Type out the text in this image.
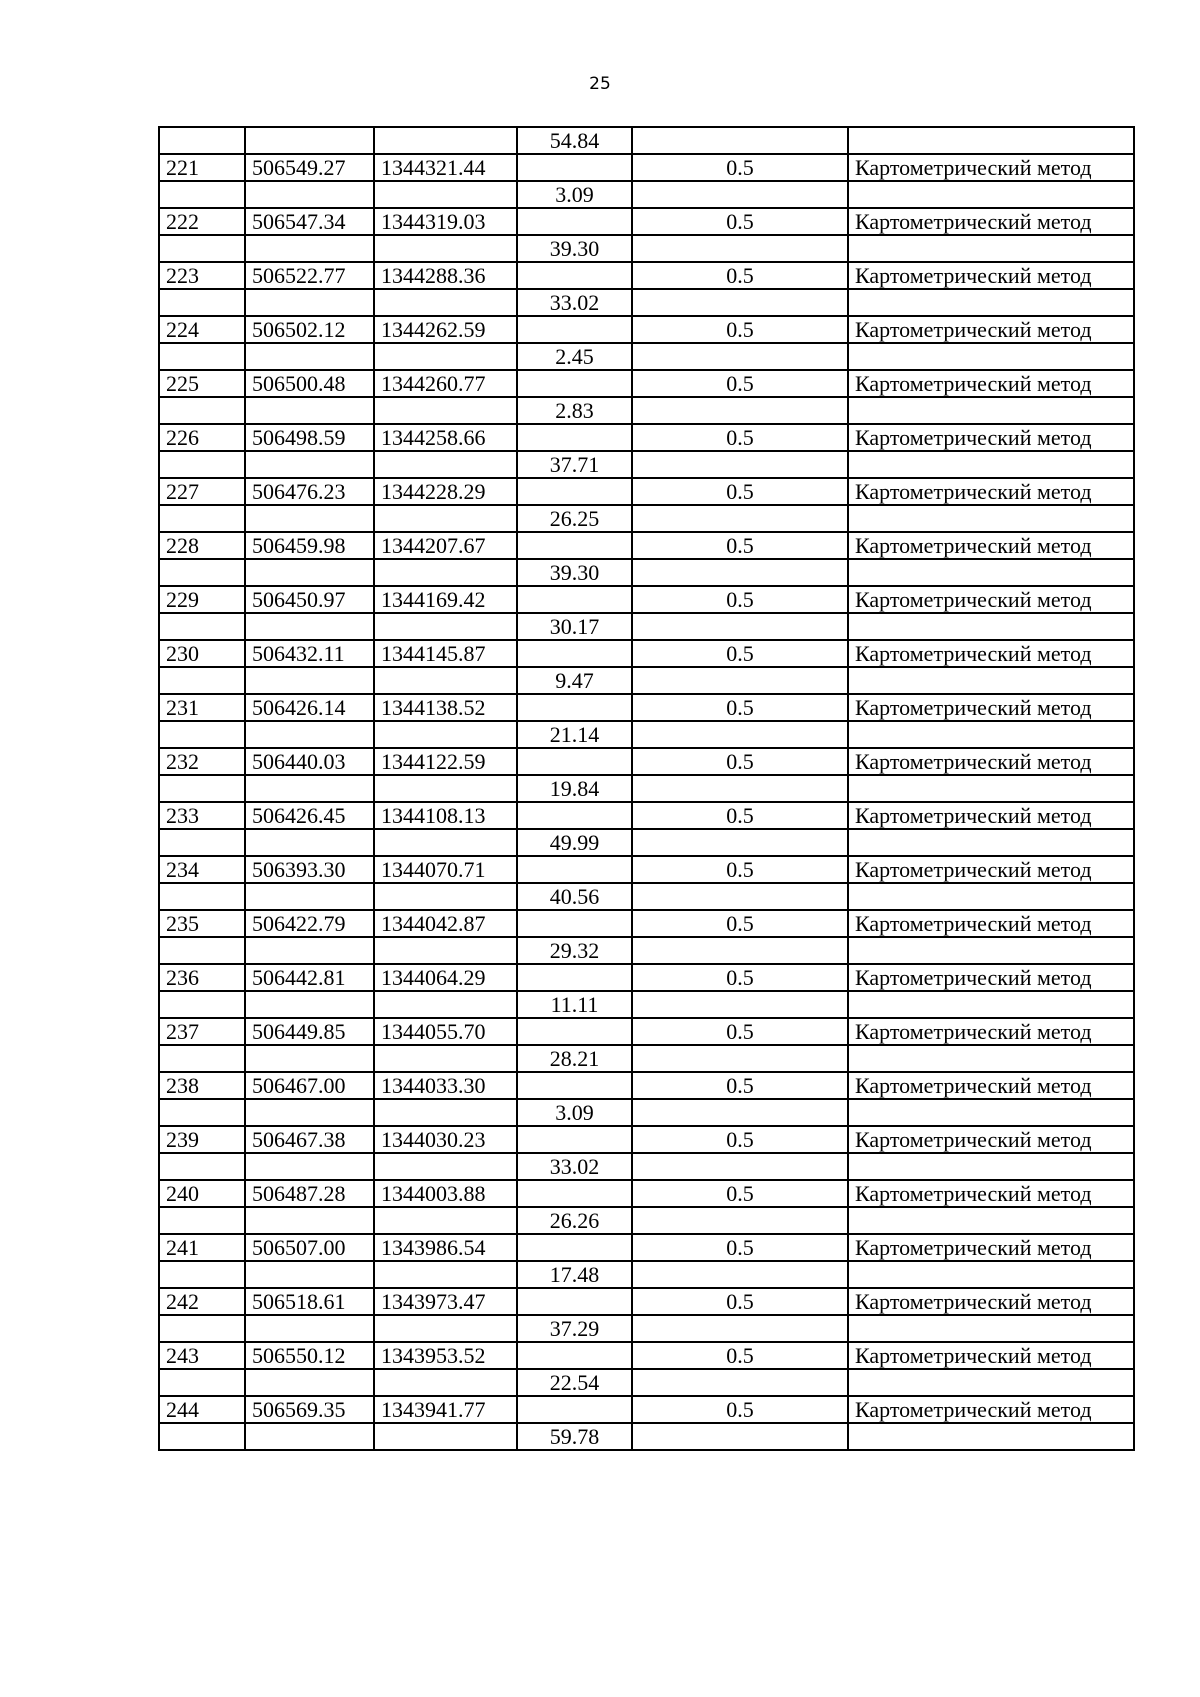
25
			54.84		
221	506549.27	1344321.44		0.5	Картометрический метод
			3.09		
222	506547.34	1344319.03		0.5	Картометрический метод
			39.30		
223	506522.77	1344288.36		0.5	Картометрический метод
			33.02		
224	506502.12	1344262.59		0.5	Картометрический метод
			2.45		
225	506500.48	1344260.77		0.5	Картометрический метод
			2.83		
226	506498.59	1344258.66		0.5	Картометрический метод
			37.71		
227	506476.23	1344228.29		0.5	Картометрический метод
			26.25		
228	506459.98	1344207.67		0.5	Картометрический метод
			39.30		
229	506450.97	1344169.42		0.5	Картометрический метод
			30.17		
230	506432.11	1344145.87		0.5	Картометрический метод
			9.47		
231	506426.14	1344138.52		0.5	Картометрический метод
			21.14		
232	506440.03	1344122.59		0.5	Картометрический метод
			19.84		
233	506426.45	1344108.13		0.5	Картометрический метод
			49.99		
234	506393.30	1344070.71		0.5	Картометрический метод
			40.56		
235	506422.79	1344042.87		0.5	Картометрический метод
			29.32		
236	506442.81	1344064.29		0.5	Картометрический метод
			11.11		
237	506449.85	1344055.70		0.5	Картометрический метод
			28.21		
238	506467.00	1344033.30		0.5	Картометрический метод
			3.09		
239	506467.38	1344030.23		0.5	Картометрический метод
			33.02		
240	506487.28	1344003.88		0.5	Картометрический метод
			26.26		
241	506507.00	1343986.54		0.5	Картометрический метод
			17.48		
242	506518.61	1343973.47		0.5	Картометрический метод
			37.29		
243	506550.12	1343953.52		0.5	Картометрический метод
			22.54		
244	506569.35	1343941.77		0.5	Картометрический метод
			59.78		
